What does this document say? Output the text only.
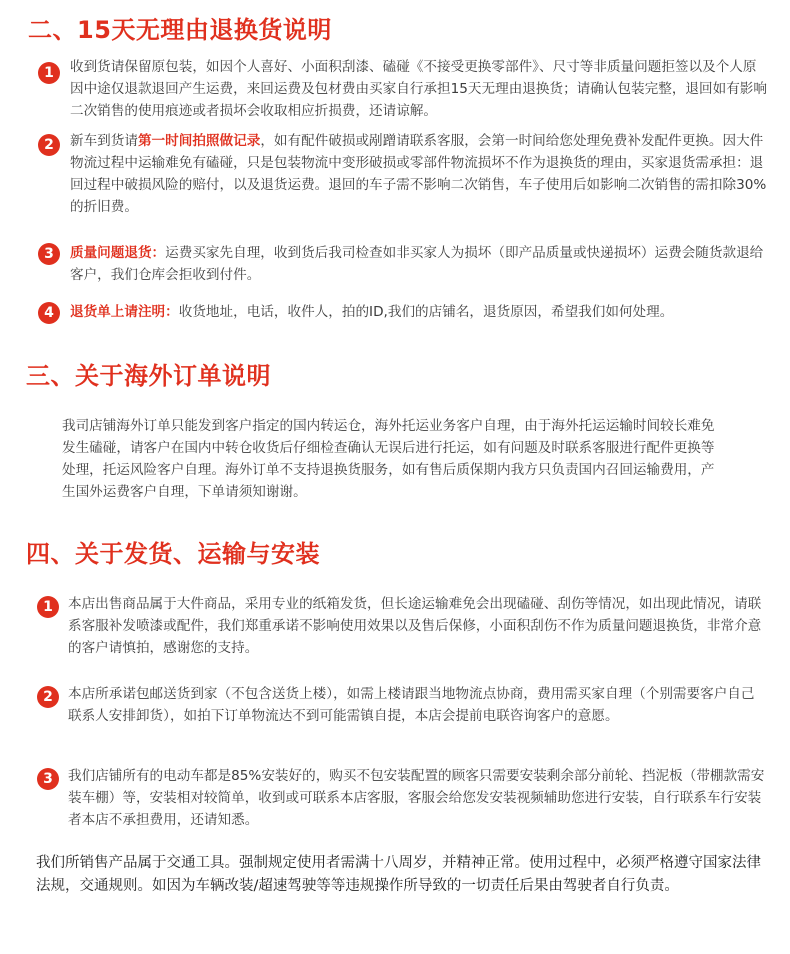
二、15天无理由退换货说明
1	收到货请保留原包装，如因个人喜好、小面积刮漆、磕碰《不接受更换零部件》、尺寸等非质量问题拒签以及个人原因中途仅退款退回产生运费，来回运费及包材费由买家自行承担15天无理由退换货；请确认包装完整，退回如有影响二次销售的使用痕迹或者损坏会收取相应折损费，还请谅解。
2	新车到货请第一时间拍照做记录，如有配件破损或剐蹭请联系客服，会第一时间给您处理免费补发配件更换。因大件物流过程中运输难免有磕碰，只是包装物流中变形破损或零部件物流损坏不作为退换货的理由，买家退货需承担：退回过程中破损风险的赔付，以及退货运费。退回的车子需不影响二次销售，车子使用后如影响二次销售的需扣除30%的折旧费。
3	质量问题退货：运费买家先自理，收到货后我司检查如非买家人为损坏（即产品质量或快递损坏）运费会随货款退给客户，我们仓库会拒收到付件。
4	退货单上请注明：收货地址，电话，收件人，拍的ID,我们的店铺名，退货原因，希望我们如何处理。
三、关于海外订单说明
我司店铺海外订单只能发到客户指定的国内转运仓，海外托运业务客户自理，由于海外托运运输时间较长难免发生磕碰，请客户在国内中转仓收货后仔细检查确认无误后进行托运，如有问题及时联系客服进行配件更换等处理，托运风险客户自理。海外订单不支持退换货服务，如有售后质保期内我方只负责国内召回运输费用，产生国外运费客户自理，下单请须知谢谢。
四、关于发货、运输与安装
1	本店出售商品属于大件商品，采用专业的纸箱发货，但长途运输难免会出现磕碰、刮伤等情况，如出现此情况，请联系客服补发喷漆或配件，我们郑重承诺不影响使用效果以及售后保修，小面积刮伤不作为质量问题退换货，非常介意的客户请慎拍，感谢您的支持。
2	本店所承诺包邮送货到家（不包含送货上楼），如需上楼请跟当地物流点协商，费用需买家自理（个别需要客户自己联系人安排卸货），如拍下订单物流达不到可能需镇自提，本店会提前电联咨询客户的意愿。
3	我们店铺所有的电动车都是85%安装好的，购买不包安装配置的顾客只需要安装剩余部分前轮、挡泥板（带棚款需安装车棚）等，安装相对较简单，收到或可联系本店客服，客服会给您发安装视频辅助您进行安装，自行联系车行安装者本店不承担费用，还请知悉。
我们所销售产品属于交通工具。强制规定使用者需满十八周岁，并精神正常。使用过程中，必须严格遵守国家法律法规，交通规则。如因为车辆改装/超速驾驶等等违规操作所导致的一切责任后果由驾驶者自行负责。
